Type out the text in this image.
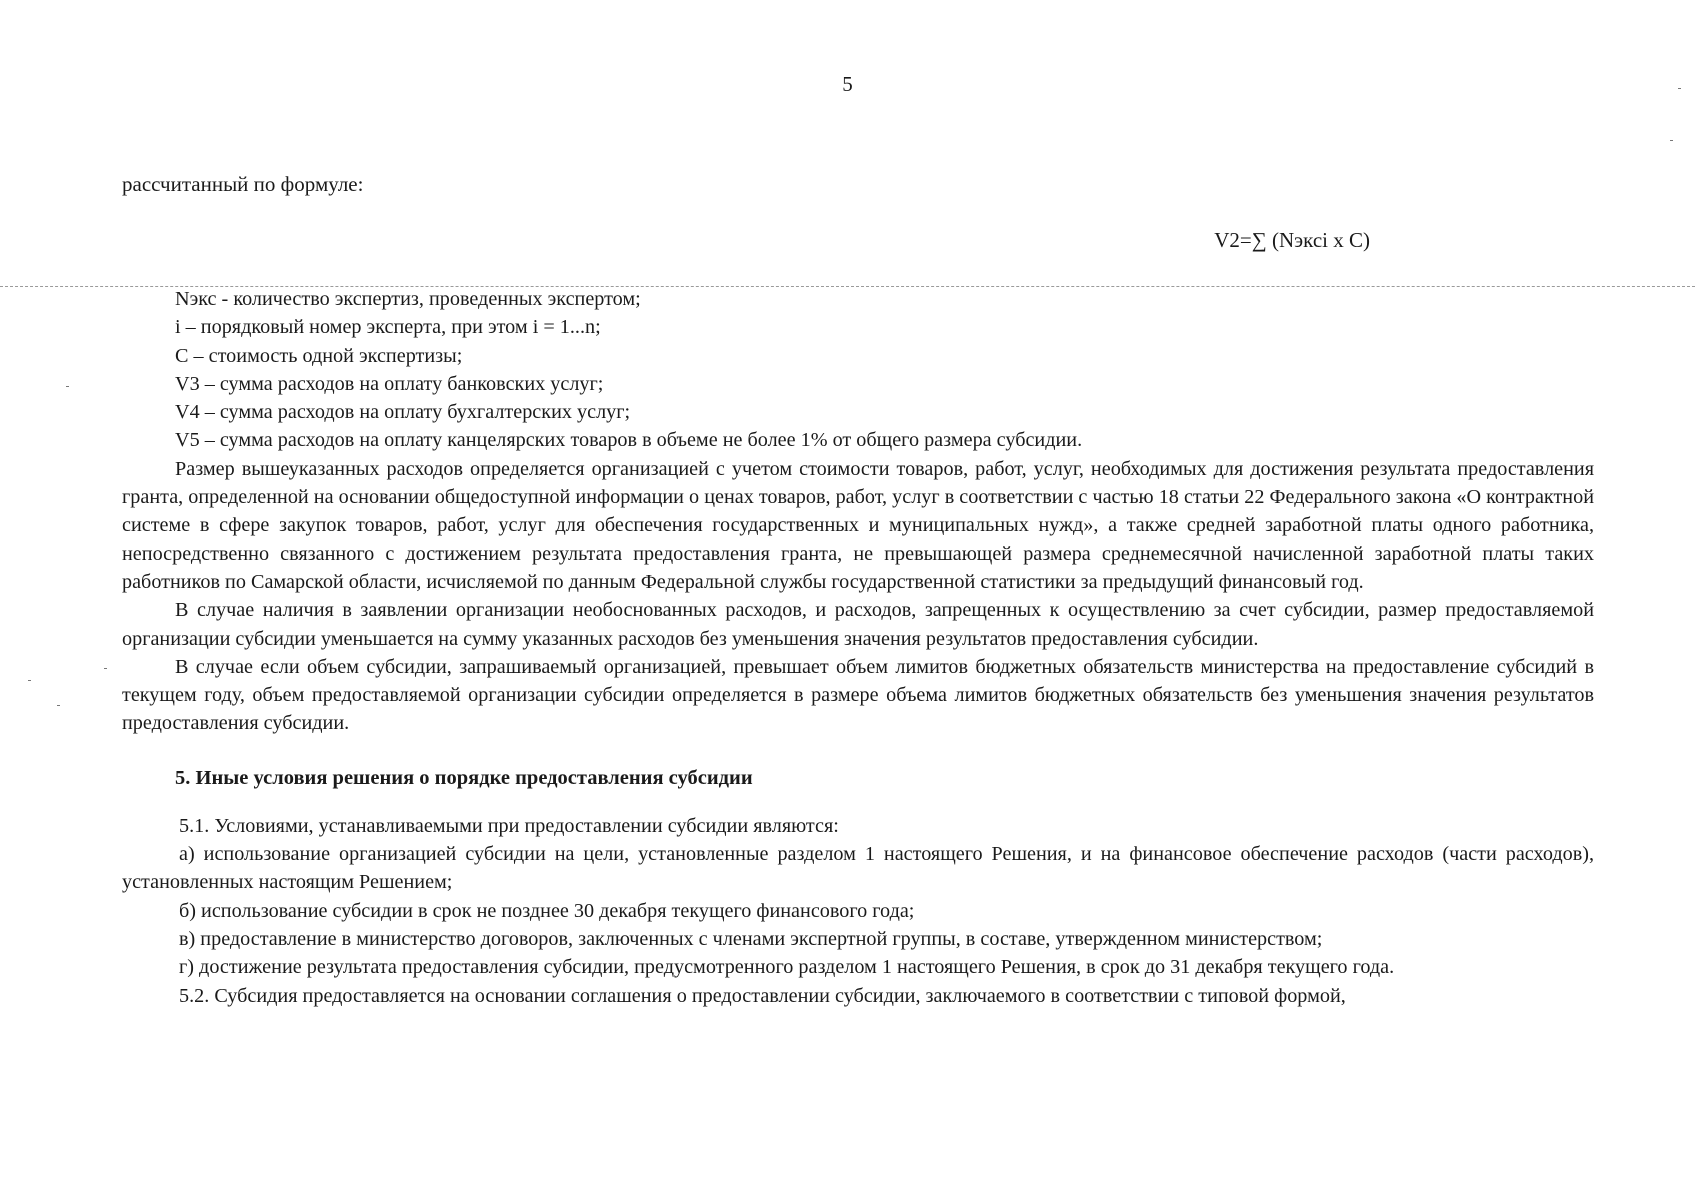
5
рассчитанный по формуле:
V2=∑ (Nэксi x C)
Nэкс - количество экспертиз, проведенных экспертом;
i – порядковый номер эксперта, при этом i = 1...n;
С – стоимость одной экспертизы;
V3 – сумма расходов на оплату банковских услуг;
V4 – сумма расходов на оплату бухгалтерских услуг;
V5 – сумма расходов на оплату канцелярских товаров в объеме не более 1% от общего размера субсидии.

Размер вышеуказанных расходов определяется организацией с учетом стоимости товаров, работ, услуг, необходимых для достижения результата предоставления гранта, определенной на основании общедоступной информации о ценах товаров, работ, услуг в соответствии с частью 18 статьи 22 Федерального закона «О контрактной системе в сфере закупок товаров, работ, услуг для обеспечения государственных и муниципальных нужд», а также средней заработной платы одного работника, непосредственно связанного с достижением результата предоставления гранта, не превышающей размера среднемесячной начисленной заработной платы таких работников по Самарской области, исчисляемой по данным Федеральной службы государственной статистики за предыдущий финансовый год.

В случае наличия в заявлении организации необоснованных расходов, и расходов, запрещенных к осуществлению за счет субсидии, размер предоставляемой организации субсидии уменьшается на сумму указанных расходов без уменьшения значения результатов предоставления субсидии.

В случае если объем субсидии, запрашиваемый организацией, превышает объем лимитов бюджетных обязательств министерства на предоставление субсидий в текущем году, объем предоставляемой организации субсидии определяется в размере объема лимитов бюджетных обязательств без уменьшения значения результатов предоставления субсидии.

5. Иные условия решения о порядке предоставления субсидии

5.1. Условиями, устанавливаемыми при предоставлении субсидии являются:

а) использование организацией субсидии на цели, установленные разделом 1 настоящего Решения, и на финансовое обеспечение расходов (части расходов), установленных настоящим Решением;

б) использование субсидии в срок не позднее 30 декабря текущего финансового года;

в) предоставление в министерство договоров, заключенных с членами экспертной группы, в составе, утвержденном министерством;

г) достижение результата предоставления субсидии, предусмотренного разделом 1 настоящего Решения, в срок до 31 декабря текущего года.

5.2. Субсидия предоставляется на основании соглашения о предоставлении субсидии, заключаемого в соответствии с типовой формой,
